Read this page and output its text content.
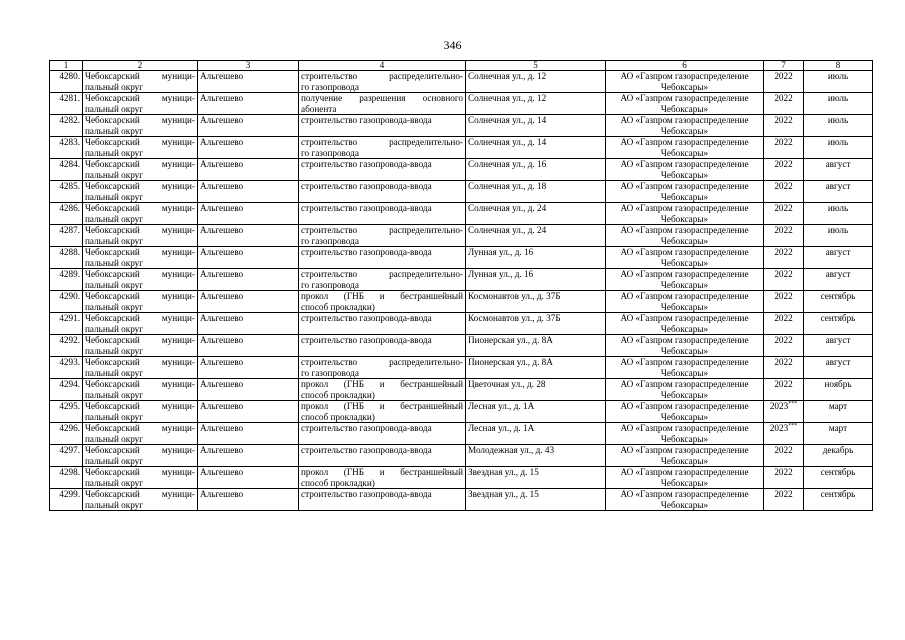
346
1	2	3	4	5	6	7	8
4280.	Чебоксарский муници-
пальный округ	Альгешево	строительство распределительно-
го газопровода	Солнечная ул., д. 12	АО «Газпром газораспределение
Чебоксары»	2022	июль
4281.	Чебоксарский муници-
пальный округ	Альгешево	получение разрешения основного
абонента	Солнечная ул., д. 12	АО «Газпром газораспределение
Чебоксары»	2022	июль
4282.	Чебоксарский муници-
пальный округ	Альгешево	строительство газопровода-ввода	Солнечная ул., д. 14	АО «Газпром газораспределение
Чебоксары»	2022	июль
4283.	Чебоксарский муници-
пальный округ	Альгешево	строительство распределительно-
го газопровода	Солнечная ул., д. 14	АО «Газпром газораспределение
Чебоксары»	2022	июль
4284.	Чебоксарский муници-
пальный округ	Альгешево	строительство газопровода-ввода	Солнечная ул., д. 16	АО «Газпром газораспределение
Чебоксары»	2022	август
4285.	Чебоксарский муници-
пальный округ	Альгешево	строительство газопровода-ввода	Солнечная ул., д. 18	АО «Газпром газораспределение
Чебоксары»	2022	август
4286.	Чебоксарский муници-
пальный округ	Альгешево	строительство газопровода-ввода	Солнечная ул., д. 24	АО «Газпром газораспределение
Чебоксары»	2022	июль
4287.	Чебоксарский муници-
пальный округ	Альгешево	строительство распределительно-
го газопровода	Солнечная ул., д. 24	АО «Газпром газораспределение
Чебоксары»	2022	июль
4288.	Чебоксарский муници-
пальный округ	Альгешево	строительство газопровода-ввода	Лунная ул., д. 16	АО «Газпром газораспределение
Чебоксары»	2022	август
4289.	Чебоксарский муници-
пальный округ	Альгешево	строительство распределительно-
го газопровода	Лунная ул., д. 16	АО «Газпром газораспределение
Чебоксары»	2022	август
4290.	Чебоксарский муници-
пальный округ	Альгешево	прокол (ГНБ и бестраншейный
способ прокладки)	Космонавтов ул., д. 37Б	АО «Газпром газораспределение
Чебоксары»	2022	сентябрь
4291.	Чебоксарский муници-
пальный округ	Альгешево	строительство газопровода-ввода	Космонавтов ул., д. 37Б	АО «Газпром газораспределение
Чебоксары»	2022	сентябрь
4292.	Чебоксарский муници-
пальный округ	Альгешево	строительство газопровода-ввода	Пионерская ул., д. 8А	АО «Газпром газораспределение
Чебоксары»	2022	август
4293.	Чебоксарский муници-
пальный округ	Альгешево	строительство распределительно-
го газопровода	Пионерская ул., д. 8А	АО «Газпром газораспределение
Чебоксары»	2022	август
4294.	Чебоксарский муници-
пальный округ	Альгешево	прокол (ГНБ и бестраншейный
способ прокладки)	Цветочная ул., д. 28	АО «Газпром газораспределение
Чебоксары»	2022	ноябрь
4295.	Чебоксарский муници-
пальный округ	Альгешево	прокол (ГНБ и бестраншейный
способ прокладки)	Лесная ул., д. 1А	АО «Газпром газораспределение
Чебоксары»	2023***	март
4296.	Чебоксарский муници-
пальный округ	Альгешево	строительство газопровода-ввода	Лесная ул., д. 1А	АО «Газпром газораспределение
Чебоксары»	2023***	март
4297.	Чебоксарский муници-
пальный округ	Альгешево	строительство газопровода-ввода	Молодежная ул., д. 43	АО «Газпром газораспределение
Чебоксары»	2022	декабрь
4298.	Чебоксарский муници-
пальный округ	Альгешево	прокол (ГНБ и бестраншейный
способ прокладки)	Звездная ул., д. 15	АО «Газпром газораспределение
Чебоксары»	2022	сентябрь
4299.	Чебоксарский муници-
пальный округ	Альгешево	строительство газопровода-ввода	Звездная ул., д. 15	АО «Газпром газораспределение
Чебоксары»	2022	сентябрь
